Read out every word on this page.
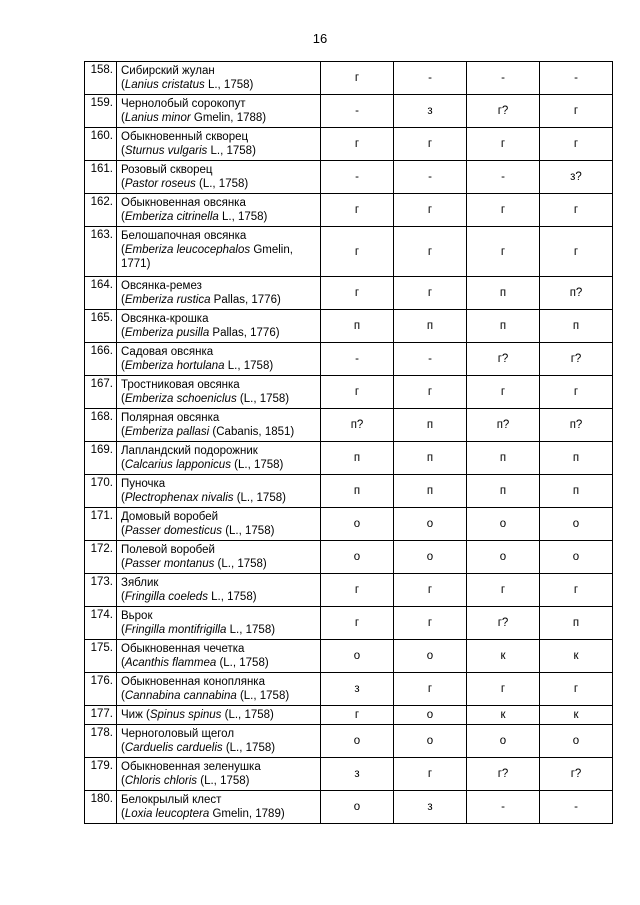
16
158.	Сибирский жулан
(Lanius cristatus L., 1758)	г	-	-	-
159.	Чернолобый сорокопут
(Lanius minor Gmelin, 1788)	-	з	г?	г
160.	Обыкновенный скворец
(Sturnus vulgaris L., 1758)	г	г	г	г
161.	Розовый скворец
(Pastor roseus (L., 1758)	-	-	-	з?
162.	Обыкновенная овсянка
(Emberiza citrinella L., 1758)	г	г	г	г
163.	Белошапочная овсянка
(Emberiza leucocephalos Gmelin, 1771)	г	г	г	г
164.	Овсянка-ремез
(Emberiza rustica Pallas, 1776)	г	г	п	п?
165.	Овсянка-крошка
(Emberiza pusilla Pallas, 1776)	п	п	п	п
166.	Садовая овсянка
(Emberiza hortulana L., 1758)	-	-	г?	г?
167.	Тростниковая овсянка
(Emberiza schoeniclus (L., 1758)	г	г	г	г
168.	Полярная овсянка
(Emberiza pallasi (Cabanis, 1851)	п?	п	п?	п?
169.	Лапландский подорожник
(Calcarius lapponicus (L., 1758)	п	п	п	п
170.	Пуночка
(Plectrophenax nivalis (L., 1758)	п	п	п	п
171.	Домовый воробей
(Passer domesticus (L., 1758)	о	о	о	о
172.	Полевой воробей
(Passer montanus (L., 1758)	о	о	о	о
173.	Зяблик
(Fringilla coeleds L., 1758)	г	г	г	г
174.	Вьрок
(Fringilla montifrigilla L., 1758)	г	г	г?	п
175.	Обыкновенная чечетка
(Acanthis flammea (L., 1758)	о	о	к	к
176.	Обыкновенная коноплянка
(Cannabina cannabina (L., 1758)	з	г	г	г
177.	Чиж (Spinus spinus (L., 1758)	г	о	к	к
178.	Черноголовый щегол
(Carduelis carduelis (L., 1758)	о	о	о	о
179.	Обыкновенная зеленушка
(Chloris chloris (L., 1758)	з	г	г?	г?
180.	Белокрылый клест
(Loxia leucoptera Gmelin, 1789)	о	з	-	-
